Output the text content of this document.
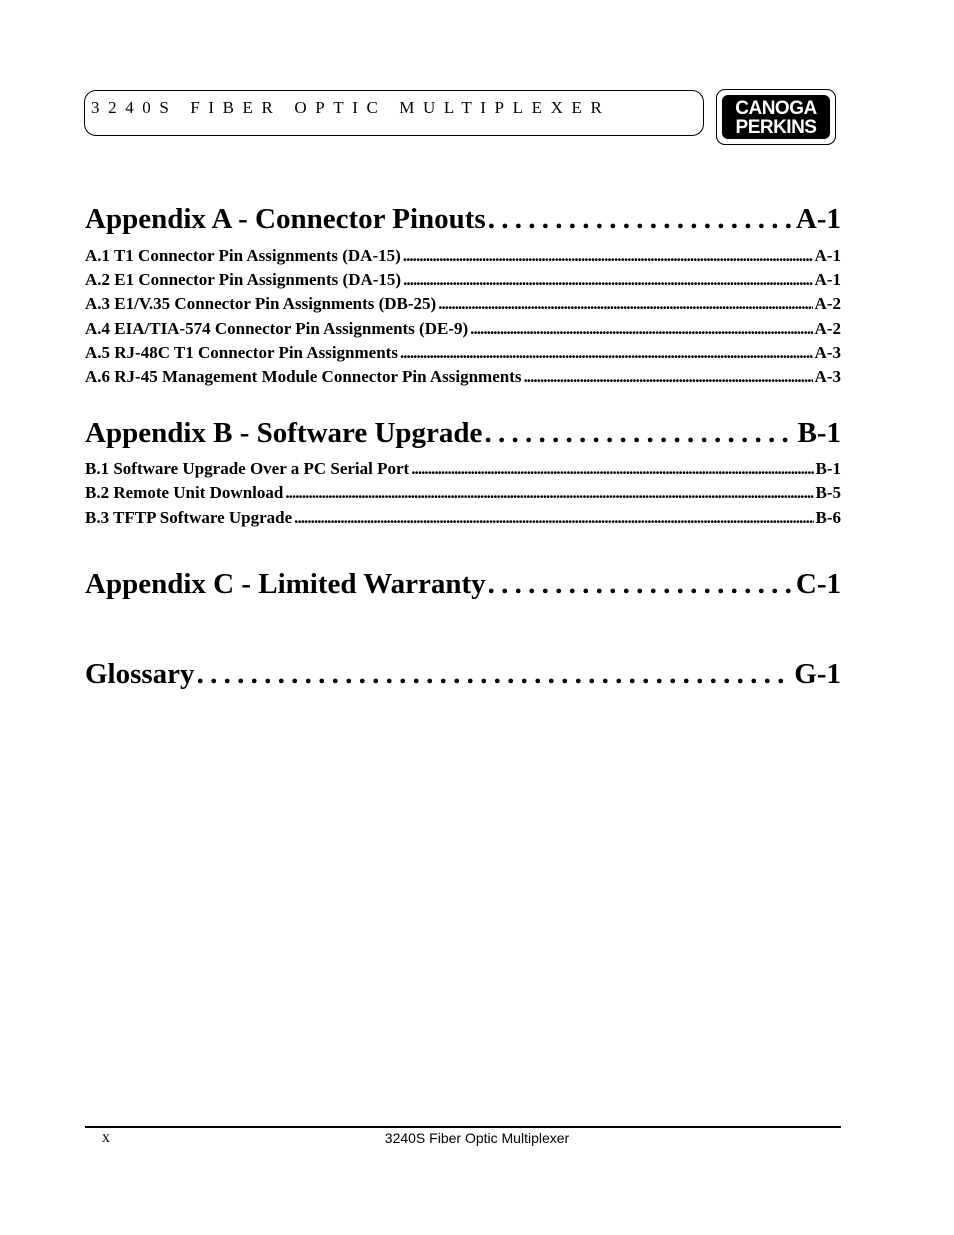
3240S FIBER OPTIC MULTIPLEXER	CANOGA
PERKINS
Appendix A - Connector Pinouts . . .	A-1
A.1 T1 Connector Pin Assignments (DA-15) . . .	A-1
A.2 E1 Connector Pin Assignments (DA-15) . . .	A-1
A.3 E1/V.35 Connector Pin Assignments (DB-25) . . .	A-2
A.4 EIA/TIA-574 Connector Pin Assignments (DE-9) . . .	A-2
A.5 RJ-48C T1 Connector Pin Assignments . . .	A-3
A.6 RJ-45 Management Module Connector Pin Assignments . . .	A-3
Appendix B - Software Upgrade . . .	B-1
B.1 Software Upgrade Over a PC Serial Port . . .	B-1
B.2 Remote Unit Download . . .	B-5
B.3 TFTP Software Upgrade . . .	B-6
Appendix C - Limited Warranty . . .	C-1
Glossary . . .	G-1
x	3240S Fiber Optic Multiplexer
